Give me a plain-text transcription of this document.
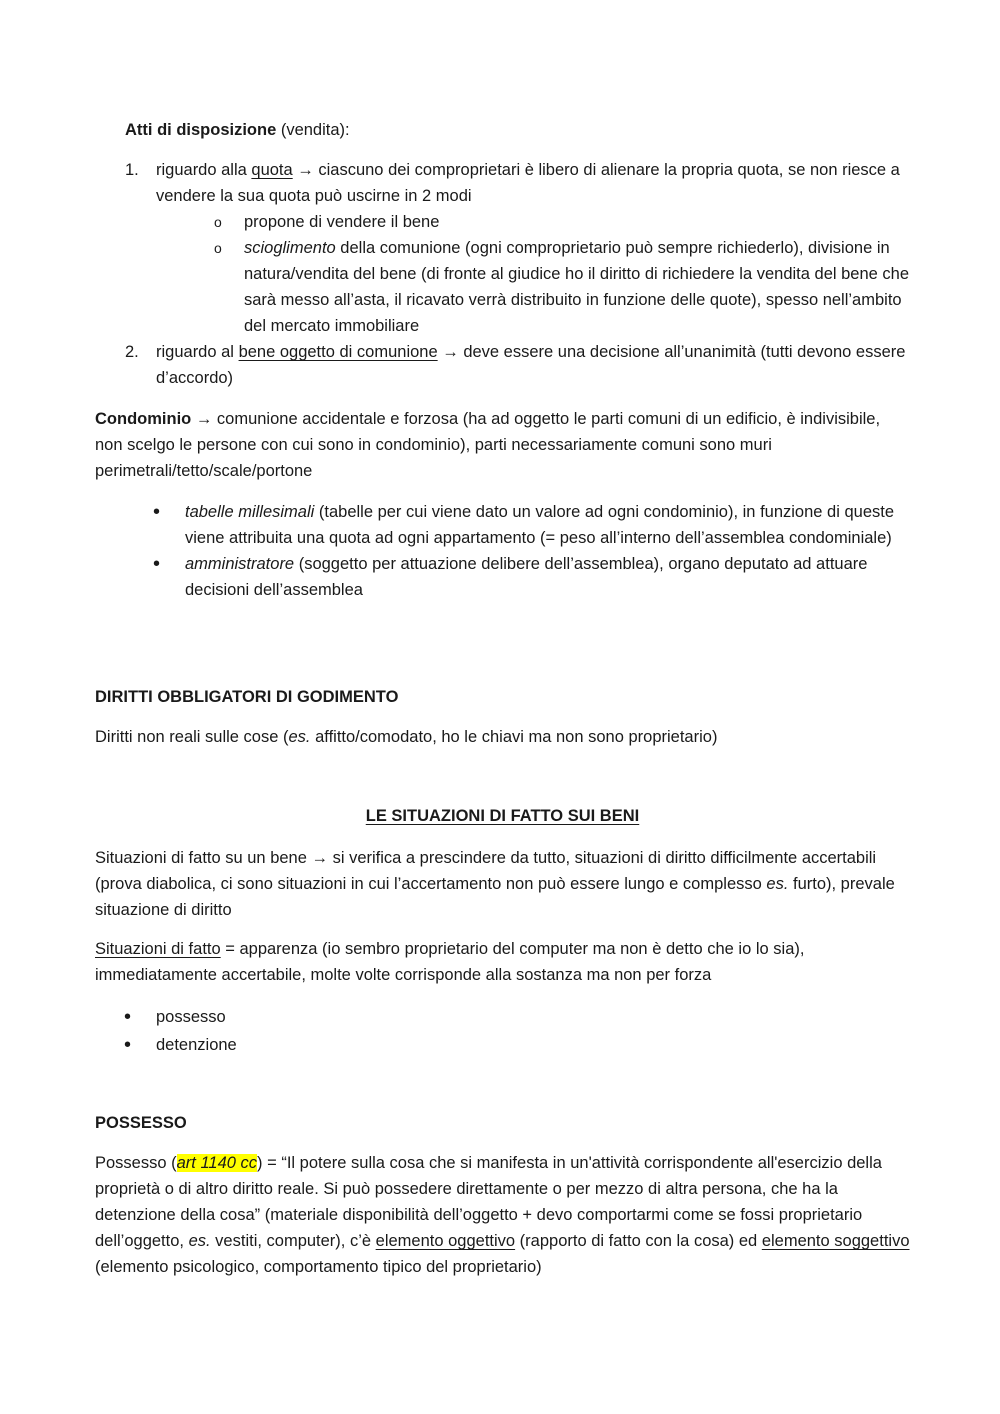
Atti di disposizione (vendita):
1. riguardo alla quota → ciascuno dei comproprietari è libero di alienare la propria quota, se non riesce a vendere la sua quota può uscirne in 2 modi
o propone di vendere il bene
o scioglimento della comunione (ogni comproprietario può sempre richiederlo), divisione in natura/vendita del bene (di fronte al giudice ho il diritto di richiedere la vendita del bene che sarà messo all’asta, il ricavato verrà distribuito in funzione delle quote), spesso nell’ambito del mercato immobiliare
2. riguardo al bene oggetto di comunione → deve essere una decisione all’unanimità (tutti devono essere d’accordo)
Condominio → comunione accidentale e forzosa (ha ad oggetto le parti comuni di un edificio, è indivisibile, non scelgo le persone con cui sono in condominio), parti necessariamente comuni sono muri perimetrali/tetto/scale/portone
• tabelle millesimali (tabelle per cui viene dato un valore ad ogni condominio), in funzione di queste viene attribuita una quota ad ogni appartamento (= peso all’interno dell’assemblea condominiale)
• amministratore (soggetto per attuazione delibere dell’assemblea), organo deputato ad attuare decisioni dell’assemblea
DIRITTI OBBLIGATORI DI GODIMENTO
Diritti non reali sulle cose (es. affitto/comodato, ho le chiavi ma non sono proprietario)
LE SITUAZIONI DI FATTO SUI BENI
Situazioni di fatto su un bene → si verifica a prescindere da tutto, situazioni di diritto difficilmente accertabili (prova diabolica, ci sono situazioni in cui l’accertamento non può essere lungo e complesso es. furto), prevale situazione di diritto
Situazioni di fatto = apparenza (io sembro proprietario del computer ma non è detto che io lo sia), immediatamente accertabile, molte volte corrisponde alla sostanza ma non per forza
• possesso
• detenzione
POSSESSO
Possesso (art 1140 cc) = “Il potere sulla cosa che si manifesta in un'attività corrispondente all'esercizio della proprietà o di altro diritto reale. Si può possedere direttamente o per mezzo di altra persona, che ha la detenzione della cosa” (materiale disponibilità dell’oggetto + devo comportarmi come se fossi proprietario dell’oggetto, es. vestiti, computer), c’è elemento oggettivo (rapporto di fatto con la cosa) ed elemento soggettivo (elemento psicologico, comportamento tipico del proprietario)
